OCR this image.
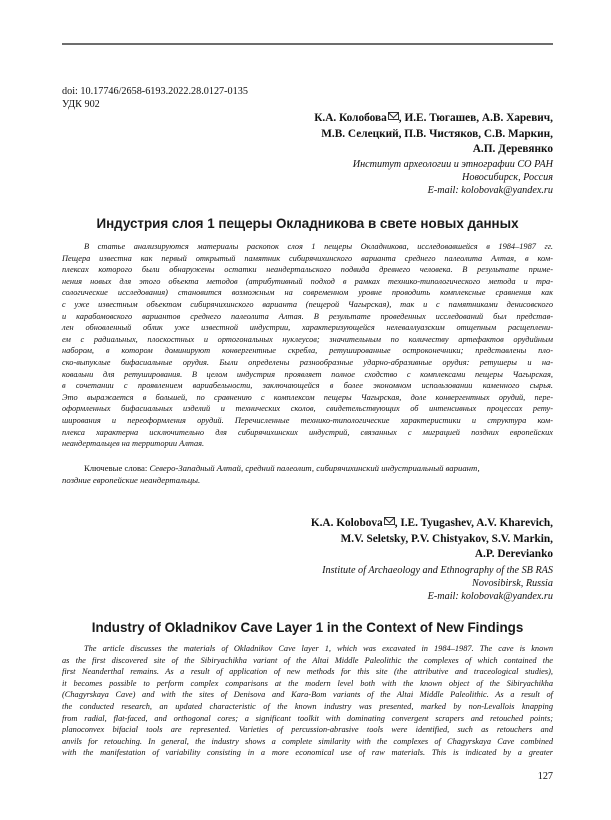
doi: 10.17746/2658-6193.2022.28.0127-0135
УДК 902
К.А. Колобова , И.Е. Тюгашев, А.В. Харевич,
М.В. Селецкий, П.В. Чистяков, С.В. Маркин,
А.П. Деревянко
Институт археологии и этнографии СО РАН
Новосибирск, Россия
E-mail: kolobovak@yandex.ru
Индустрия слоя 1 пещеры Окладникова в свете новых данных
В статье анализируются материалы раскопок слоя 1 пещеры Окладникова, исследовавшейся в 1984–1987 гг.
Пещера известна как первый открытый памятник сибирячихинского варианта среднего палеолита Алтая, в ком-
плексах которого были обнаружены остатки неандертальского подвида древнего человека. В результате приме-
нения новых для этого объекта методов (атрибутивный подход в рамках технико-типологического метода и тра-
сологические исследования) становится возможным на современном уровне проводить комплексные сравнения как
с уже известным объектом сибирячихинского варианта (пещерой Чагырская), так и с памятниками денисовского
и карабомовского вариантов среднего палеолита Алтая. В результате проведенных исследований был представ-
лен обновленный облик уже известной индустрии, характеризующейся нелеваллуазским отщепным расщеплени-
ем с радиальных, плоскостных и ортогональных нуклеусов; значительным по количеству артефактов орудийным
набором, в котором доминируют конвергентные скребла, ретушированные остроконечники; представлены пло-
ско-выпуклые бифасиальные орудия. Были определены разнообразные ударно-абразивные орудия: ретушеры и на-
ковальни для ретуширования. В целом индустрия проявляет полное сходство с комплексами пещеры Чагырская,
в сочетании с проявлением вариабельности, заключающейся в более экономном использовании каменного сырья.
Это выражается в большей, по сравнению с комплексом пещеры Чагырская, доле конвергентных орудий, пере-
оформленных бифасиальных изделий и технических сколов, свидетельствующих об интенсивных процессах рету-
ширования и переоформления орудий. Перечисленные технико-типологические характеристики и структура ком-
плекса характерна исключительно для сибирячихинских индустрий, связанных с миграцией поздних европейских
неандертальцев на территории Алтая.
Ключевые слова: Северо-Западный Алтай, средний палеолит, сибирячихинский индустриальный вариант,
поздние европейские неандертальцы.
K.A. Kolobova , I.E. Tyugashev, A.V. Kharevich,
M.V. Seletsky, P.V. Chistyakov, S.V. Markin,
A.P. Derevianko
Institute of Archaeology and Ethnography of the SB RAS
Novosibirsk, Russia
E-mail: kolobovak@yandex.ru
Industry of Okladnikov Cave Layer 1 in the Context of New Findings
The article discusses the materials of Okladnikov Cave layer 1, which was excavated in 1984–1987. The cave is known
as the first discovered site of the Sibiryachikha variant of the Altai Middle Paleolithic the complexes of which contained the
first Neanderthal remains. As a result of application of new methods for this site (the attributive and traceological studies),
it becomes possible to perform complex comparisons at the modern level both with the known object of the Sibiryachikha
(Chagyrskaya Cave) and with the sites of Denisova and Kara-Bom variants of the Altai Middle Paleolithic. As a result of
the conducted research, an updated characteristic of the known industry was presented, marked by non-Levallois knapping
from radial, flat-faced, and orthogonal cores; a significant toolkit with dominating convergent scrapers and retouched points;
planoconvex bifacial tools are represented. Varieties of percussion-abrasive tools were identified, such as retouchers and
anvils for retouching. In general, the industry shows a complete similarity with the complexes of Chagyrskaya Cave combined
with the manifestation of variability consisting in a more economical use of raw materials. This is indicated by a greater
127
